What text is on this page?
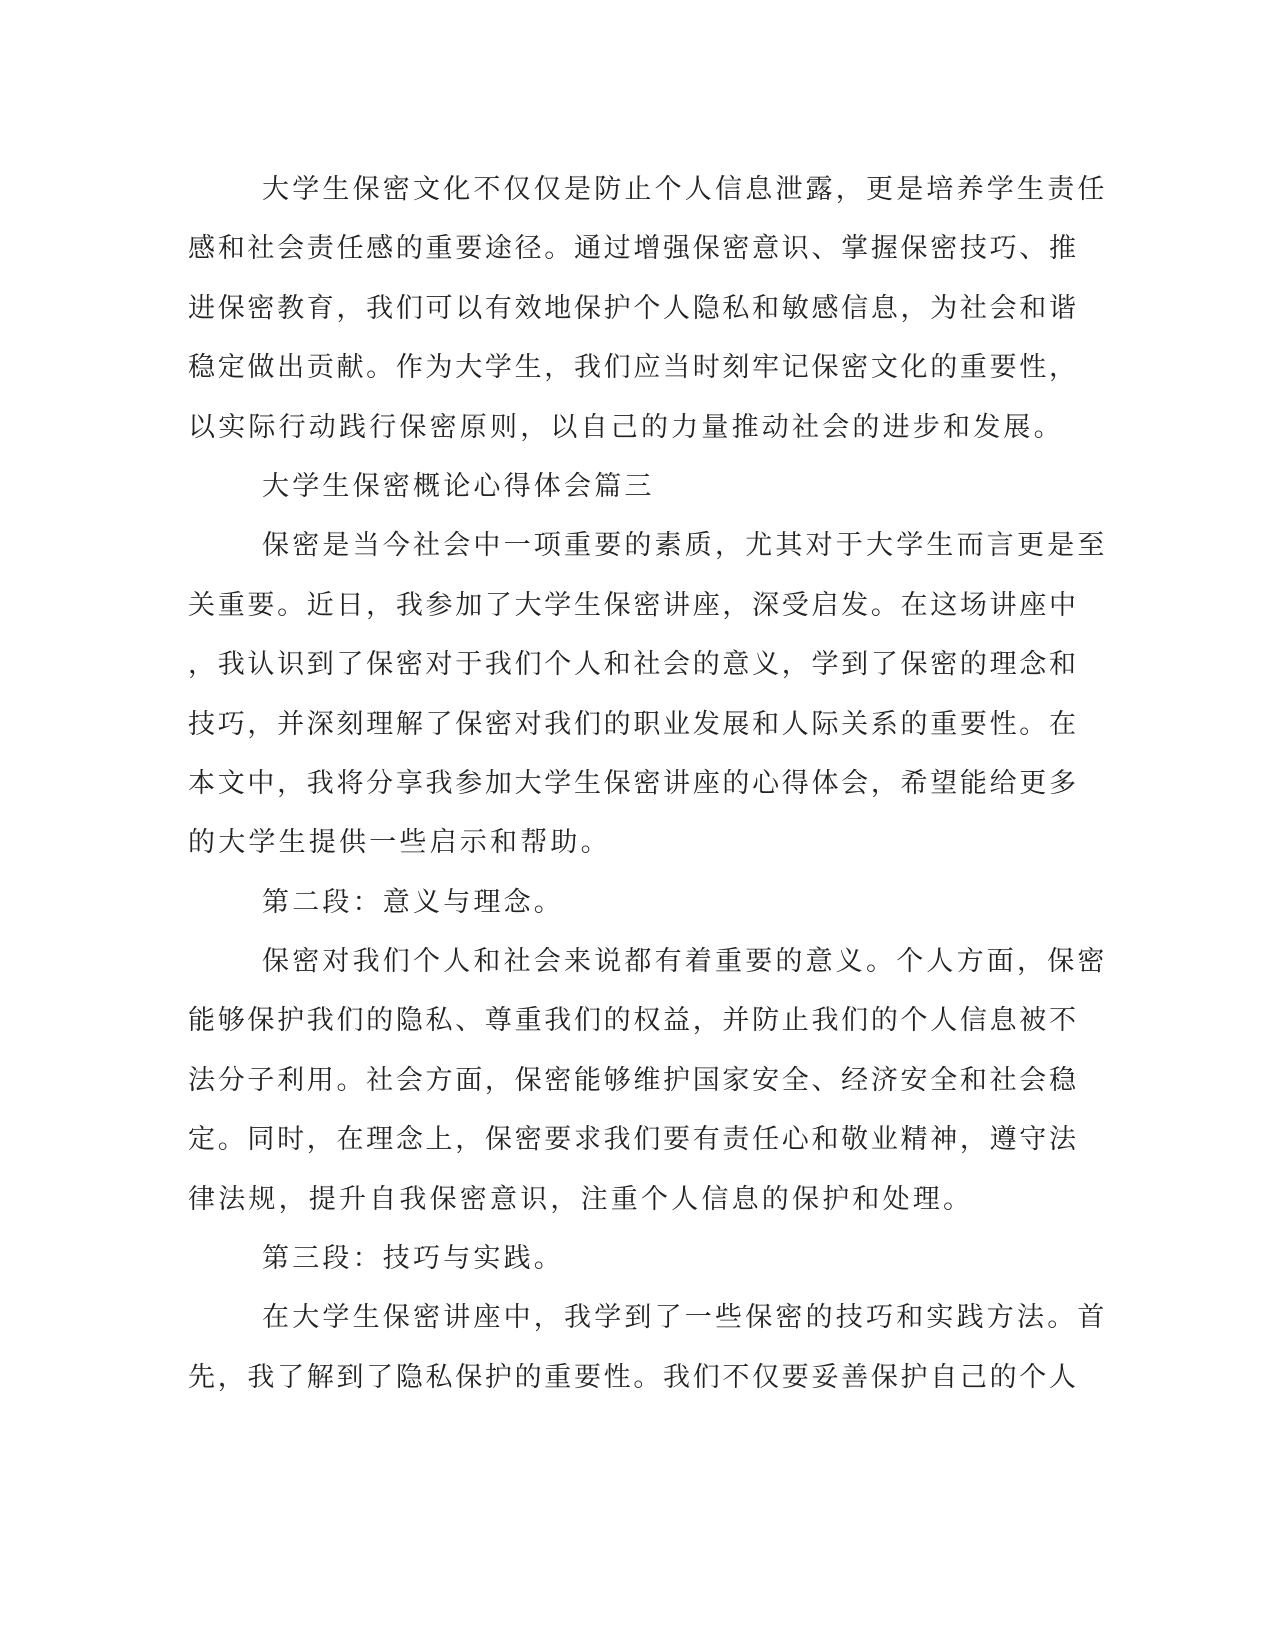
大学生保密文化不仅仅是防止个人信息泄露，更是培养学生责任
感和社会责任感的重要途径。通过增强保密意识、掌握保密技巧、推
进保密教育，我们可以有效地保护个人隐私和敏感信息，为社会和谐
稳定做出贡献。作为大学生，我们应当时刻牢记保密文化的重要性，
以实际行动践行保密原则，以自己的力量推动社会的进步和发展。
大学生保密概论心得体会篇三
保密是当今社会中一项重要的素质，尤其对于大学生而言更是至
关重要。近日，我参加了大学生保密讲座，深受启发。在这场讲座中
，我认识到了保密对于我们个人和社会的意义，学到了保密的理念和
技巧，并深刻理解了保密对我们的职业发展和人际关系的重要性。在
本文中，我将分享我参加大学生保密讲座的心得体会，希望能给更多
的大学生提供一些启示和帮助。
第二段：意义与理念。
保密对我们个人和社会来说都有着重要的意义。个人方面，保密
能够保护我们的隐私、尊重我们的权益，并防止我们的个人信息被不
法分子利用。社会方面，保密能够维护国家安全、经济安全和社会稳
定。同时，在理念上，保密要求我们要有责任心和敬业精神，遵守法
律法规，提升自我保密意识，注重个人信息的保护和处理。
第三段：技巧与实践。
在大学生保密讲座中，我学到了一些保密的技巧和实践方法。首
先，我了解到了隐私保护的重要性。我们不仅要妥善保护自己的个人
